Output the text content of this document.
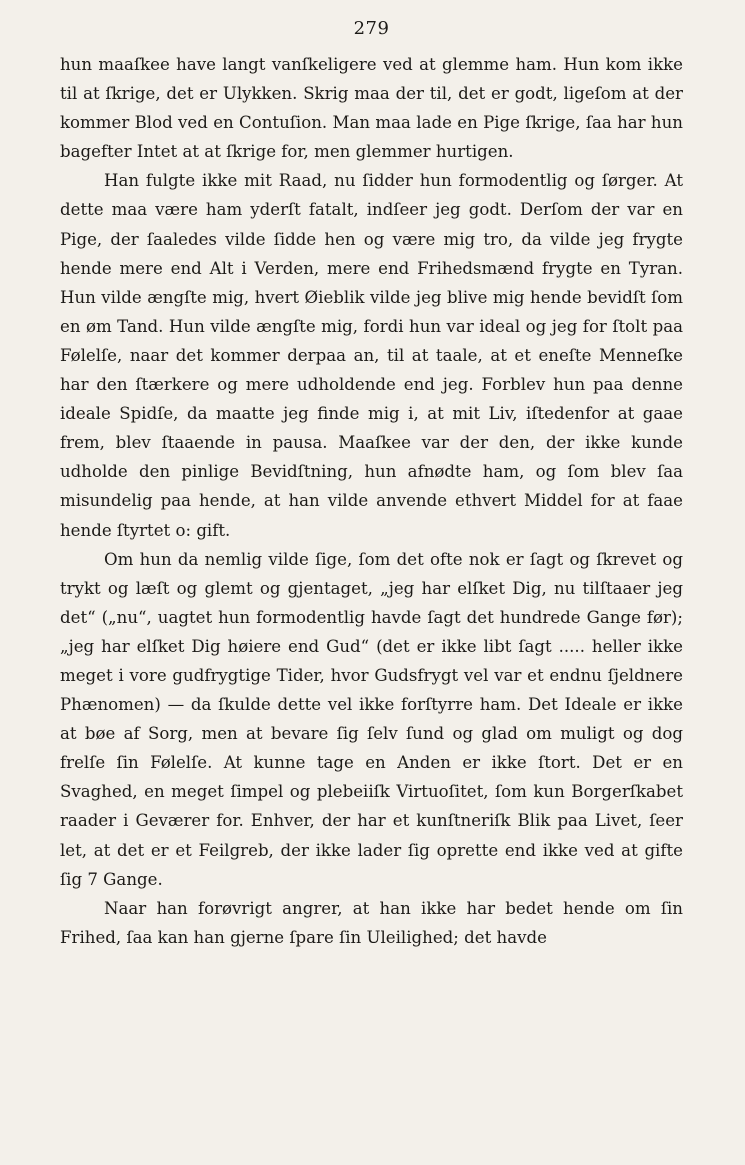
279

hun maaſkee have langt vanſkeligere ved at glemme ham. Hun kom ikke til at ſkrige, det er Ulykken. Skrig maa der til, det er godt, ligeſom at der kommer Blod ved en Contuſion. Man maa lade en Pige ſkrige, ſaa har hun bagefter Intet at at ſkrige for, men glemmer hurtigen.

Han fulgte ikke mit Raad, nu ſidder hun formodentlig og ſørger. At dette maa være ham yderſt fatalt, indſeer jeg godt. Derſom der var en Pige, der ſaaledes vilde ſidde hen og være mig tro, da vilde jeg frygte hende mere end Alt i Verden, mere end Frihedsmænd frygte en Tyran. Hun vilde ængſte mig, hvert Øieblik vilde jeg blive mig hende bevidſt ſom en øm Tand. Hun vilde ængſte mig, fordi hun var ideal og jeg for ſtolt paa Følelſe, naar det kommer derpaa an, til at taale, at et eneſte Menneſke har den ſtærkere og mere udholdende end jeg. Forblev hun paa denne ideale Spidſe, da maatte jeg finde mig i, at mit Liv, iſtedenfor at gaae frem, blev ſtaaende in pausa. Maaſkee var der den, der ikke kunde udholde den pinlige Bevidſtning, hun afnødte ham, og ſom blev ſaa misundelig paa hende, at han vilde anvende ethvert Middel for at faae hende ſtyrtet o: gift.

Om hun da nemlig vilde ſige, ſom det ofte nok er ſagt og ſkrevet og trykt og læſt og glemt og gjentaget, „jeg har elſket Dig, nu tilſtaaer jeg det“ („nu“, uagtet hun formodentlig havde ſagt det hundrede Gange før); „jeg har elſket Dig høiere end Gud“ (det er ikke libt ſagt ..... heller ikke meget i vore gudfrygtige Tider, hvor Gudsfrygt vel var et endnu ſjeldnere Phænomen) — da ſkulde dette vel ikke forſtyrre ham. Det Ideale er ikke at bøe af Sorg, men at bevare ſig ſelv ſund og glad om muligt og dog frelſe ſin Følelſe. At kunne tage en Anden er ikke ſtort. Det er en Svaghed, en meget ſimpel og plebeiiſk Virtuoſitet, ſom kun Borgerſkabet raader i Geværer for. Enhver, der har et kunſtneriſk Blik paa Livet, ſeer let, at det er et Feilgreb, der ikke lader ſig oprette end ikke ved at gifte ſig 7 Gange.

Naar han forøvrigt angrer, at han ikke har bedet hende om ſin Frihed, ſaa kan han gjerne ſpare ſin Uleilighed; det havde
